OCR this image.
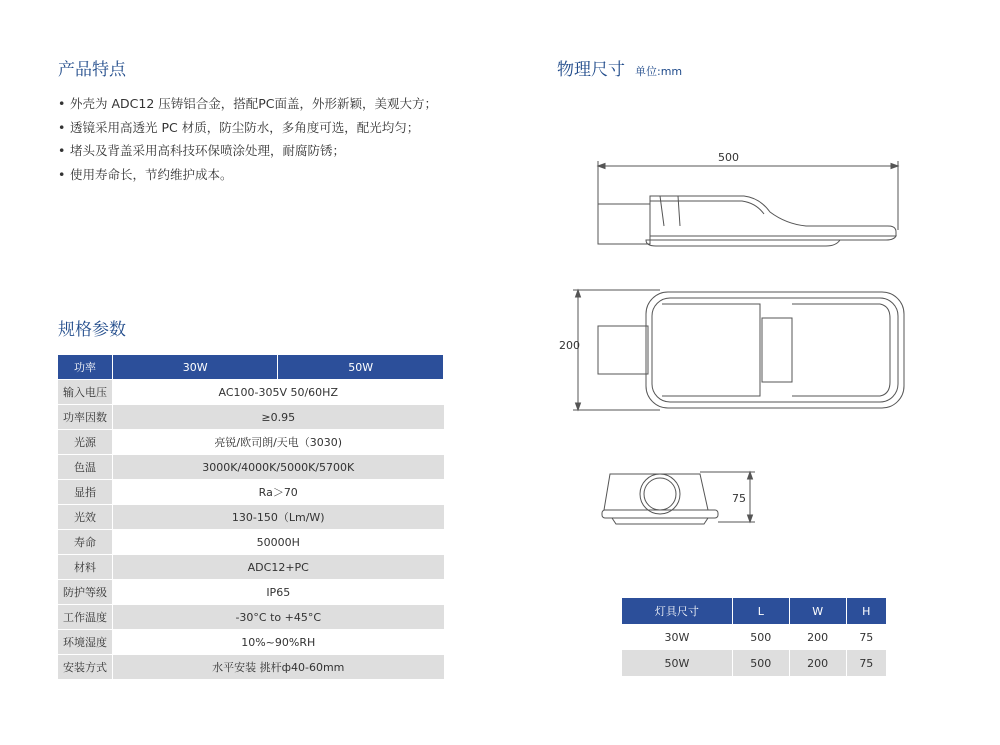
产品特点
• 外壳为 ADC12 压铸铝合金，搭配PC面盖，外形新颖，美观大方；
• 透镜采用高透光 PC 材质，防尘防水，多角度可选，配光均匀；
• 堵头及背盖采用高科技环保喷涂处理，耐腐防锈；
• 使用寿命长，节约维护成本。
规格参数
功率	30W	50W
输入电压	AC100-305V 50/60HZ	
功率因数	≥0.95	
光源	亮锐/欧司朗/天电（3030)	
色温	3000K/4000K/5000K/5700K	
显指	Ra＞70	
光效	130-150（Lm/W)	
寿命	50000H	
材料	ADC12+PC	
防护等级	IP65	
工作温度	-30°C to +45°C	
环境湿度	10%~90%RH	
安装方式	水平安装 挑杆ф40-60mm	
物理尺寸 单位:mm
500
200
75
灯具尺寸	L	W	H
30W	500	200	75
50W	500	200	75
